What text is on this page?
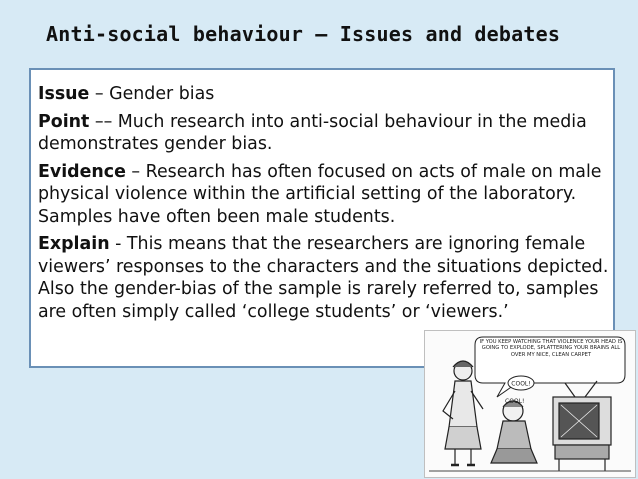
Anti-social behaviour – Issues and debates

Issue – Gender bias

Point –– Much research into anti-social behaviour in the media demonstrates gender bias.

Evidence – Research has often focused on acts of male on male physical violence within the artificial setting of the laboratory. Samples have often been male students.

Explain - This means that the researchers are ignoring female viewers’ responses to the characters and the situations depicted. Also the gender-bias of the sample is rarely referred to, samples are often simply called ‘college students’ or ‘viewers.’

IF YOU KEEP WATCHING THAT VIOLENCE YOUR HEAD IS GOING TO EXPLODE, SPLATTERING YOUR BRAINS ALL OVER MY NICE, CLEAN CARPET
COOL!
COOL!
